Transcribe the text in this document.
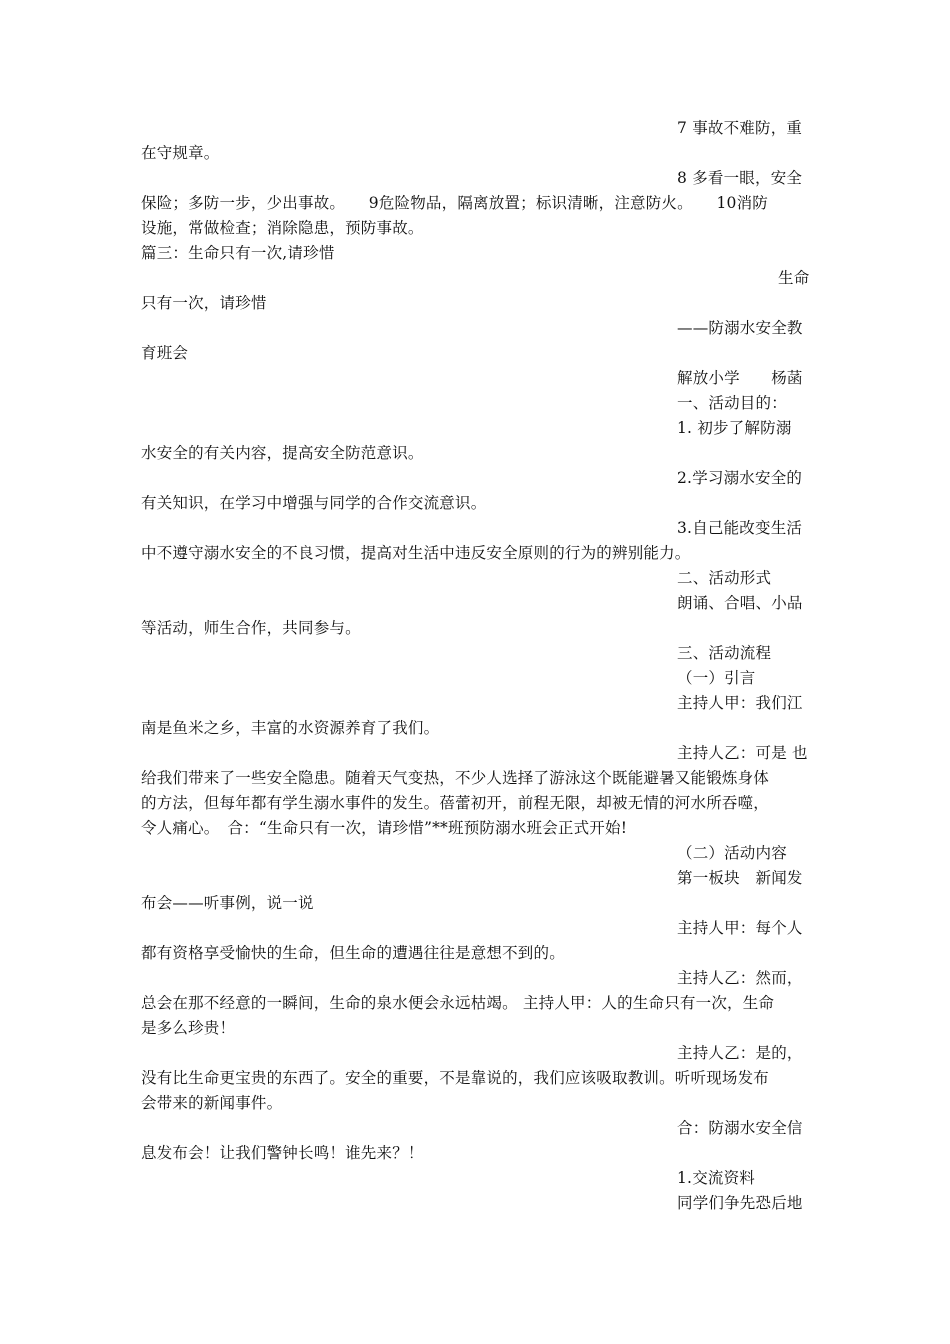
7 事故不难防，重
在守规章。
8 多看一眼，安全
保险；多防一步，少出事故。　　9危险物品，隔离放置；标识清晰，注意防火。　　10消防
设施，常做检查；消除隐患，预防事故。
篇三：生命只有一次,请珍惜
生命
只有一次，请珍惜
——防溺水安全教
育班会
解放小学　　杨菡
一、活动目的：
1. 初步了解防溺
水安全的有关内容，提高安全防范意识。
2.学习溺水安全的
有关知识，在学习中增强与同学的合作交流意识。
3.自己能改变生活
中不遵守溺水安全的不良习惯，提高对生活中违反安全原则的行为的辨别能力。
二、活动形式
朗诵、合唱、小品
等活动，师生合作，共同参与。
三、活动流程
（一）引言
主持人甲：我们江
南是鱼米之乡，丰富的水资源养育了我们。
主持人乙：可是 也
给我们带来了一些安全隐患。随着天气变热，不少人选择了游泳这个既能避暑又能锻炼身体
的方法，但每年都有学生溺水事件的发生。蓓蕾初开，前程无限，却被无情的河水所吞噬，
令人痛心。　合：“生命只有一次，请珍惜”**班预防溺水班会正式开始!
（二）活动内容
第一板块　新闻发
布会——听事例，说一说
主持人甲：每个人
都有资格享受愉快的生命，但生命的遭遇往往是意想不到的。
主持人乙：然而，
总会在那不经意的一瞬间，生命的泉水便会永远枯竭。 主持人甲：人的生命只有一次，生命
是多么珍贵！
主持人乙：是的，
没有比生命更宝贵的东西了。安全的重要，不是靠说的，我们应该吸取教训。听听现场发布
会带来的新闻事件。
合：防溺水安全信
息发布会！让我们警钟长鸣！谁先来？！
1.交流资料
同学们争先恐后地
